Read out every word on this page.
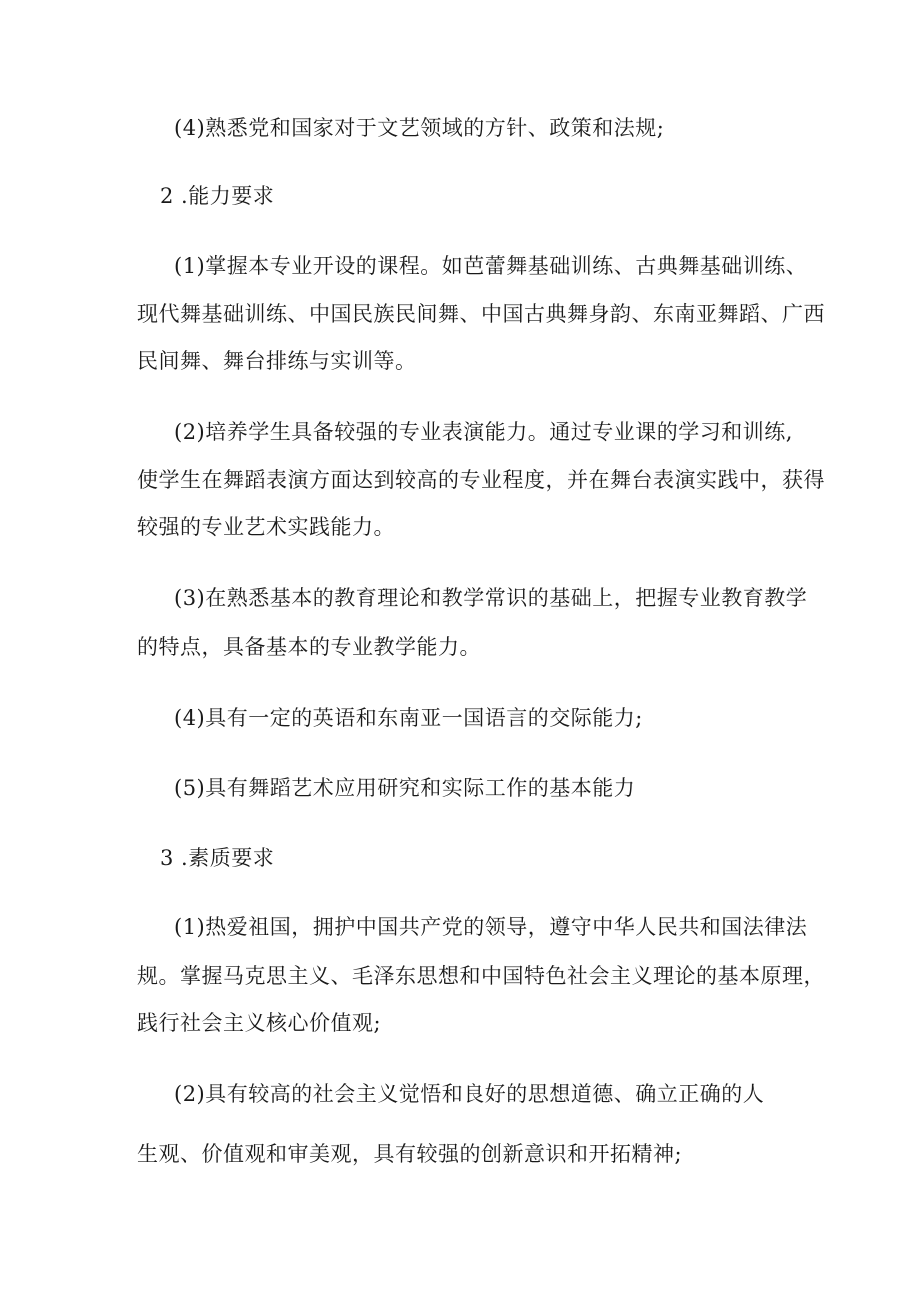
(4)熟悉党和国家对于文艺领域的方针、政策和法规;
2 .能力要求
(1)掌握本专业开设的课程。如芭蕾舞基础训练、古典舞基础训练、
现代舞基础训练、中国民族民间舞、中国古典舞身韵、东南亚舞蹈、广西
民间舞、舞台排练与实训等。
(2)培养学生具备较强的专业表演能力。通过专业课的学习和训练,
使学生在舞蹈表演方面达到较高的专业程度，并在舞台表演实践中，获得
较强的专业艺术实践能力。
(3)在熟悉基本的教育理论和教学常识的基础上，把握专业教育教学
的特点，具备基本的专业教学能力。
(4)具有一定的英语和东南亚一国语言的交际能力;
(5)具有舞蹈艺术应用研究和实际工作的基本能力
3 .素质要求
(1)热爱祖国，拥护中国共产党的领导，遵守中华人民共和国法律法
规。掌握马克思主义、毛泽东思想和中国特色社会主义理论的基本原理，
践行社会主义核心价值观;
(2)具有较高的社会主义觉悟和良好的思想道德、确立正确的人
生观、价值观和审美观，具有较强的创新意识和开拓精神;
